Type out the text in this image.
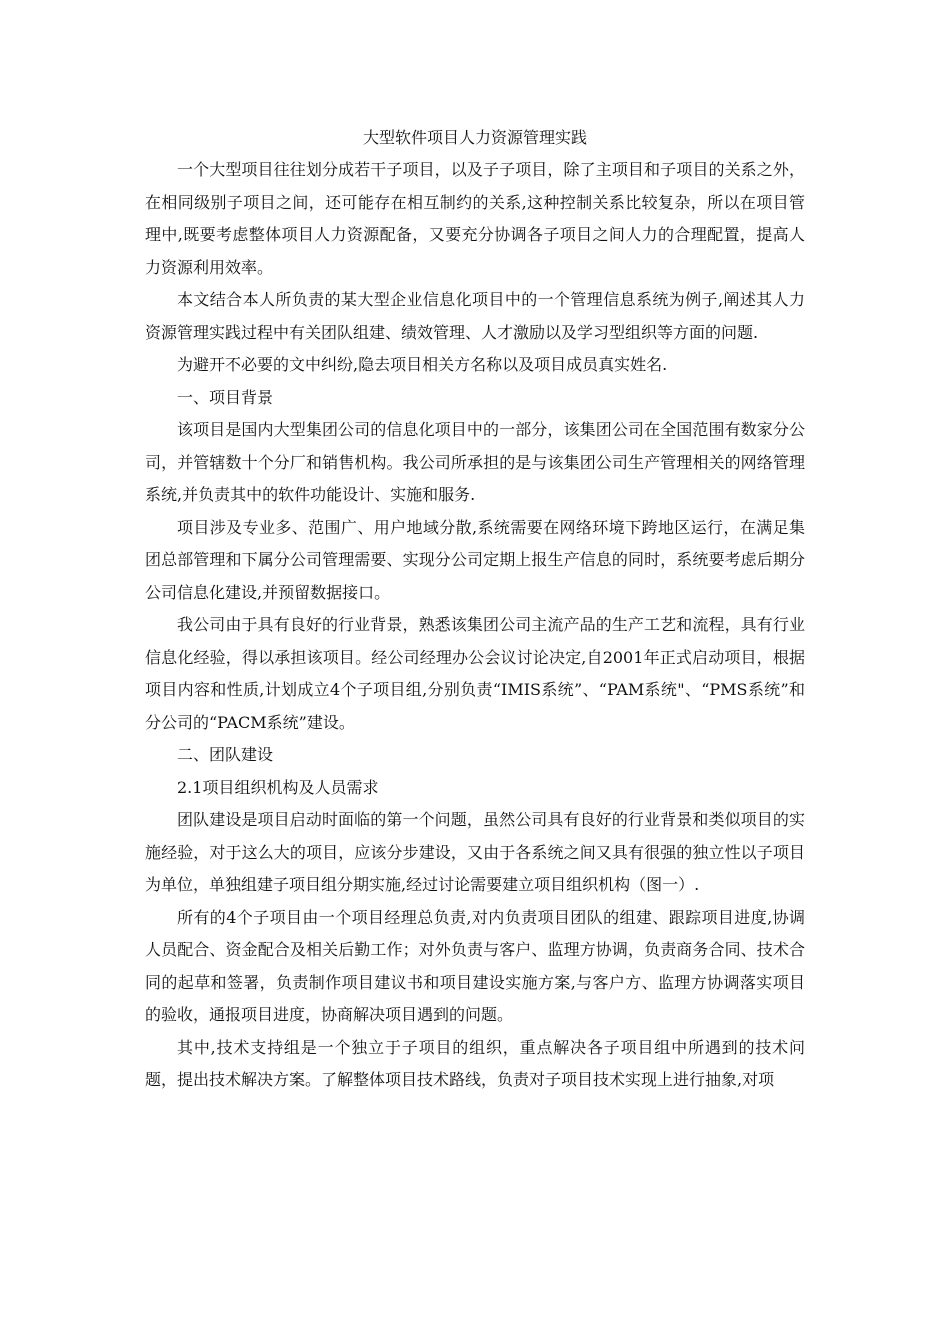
大型软件项目人力资源管理实践

一个大型项目往往划分成若干子项目，以及子子项目，除了主项目和子项目的关系之外，在相同级别子项目之间，还可能存在相互制约的关系,这种控制关系比较复杂，所以在项目管理中,既要考虑整体项目人力资源配备，又要充分协调各子项目之间人力的合理配置，提高人力资源利用效率。

本文结合本人所负责的某大型企业信息化项目中的一个管理信息系统为例子,阐述其人力资源管理实践过程中有关团队组建、绩效管理、人才激励以及学习型组织等方面的问题.

为避开不必要的文中纠纷,隐去项目相关方名称以及项目成员真实姓名.

一、项目背景

该项目是国内大型集团公司的信息化项目中的一部分，该集团公司在全国范围有数家分公司，并管辖数十个分厂和销售机构。我公司所承担的是与该集团公司生产管理相关的网络管理系统,并负责其中的软件功能设计、实施和服务.

项目涉及专业多、范围广、用户地域分散,系统需要在网络环境下跨地区运行，在满足集团总部管理和下属分公司管理需要、实现分公司定期上报生产信息的同时，系统要考虑后期分公司信息化建设,并预留数据接口。

我公司由于具有良好的行业背景，熟悉该集团公司主流产品的生产工艺和流程，具有行业信息化经验，得以承担该项目。经公司经理办公会议讨论决定,自2001年正式启动项目，根据项目内容和性质,计划成立4个子项目组,分别负责“IMIS系统”、“PAM系统"、“PMS系统”和分公司的“PACM系统”建设。

二、团队建设

2.1项目组织机构及人员需求

团队建设是项目启动时面临的第一个问题，虽然公司具有良好的行业背景和类似项目的实施经验，对于这么大的项目，应该分步建设，又由于各系统之间又具有很强的独立性以子项目为单位，单独组建子项目组分期实施,经过讨论需要建立项目组织机构（图一）.

所有的4个子项目由一个项目经理总负责,对内负责项目团队的组建、跟踪项目进度,协调人员配合、资金配合及相关后勤工作；对外负责与客户、监理方协调，负责商务合同、技术合同的起草和签署，负责制作项目建议书和项目建设实施方案,与客户方、监理方协调落实项目的验收，通报项目进度，协商解决项目遇到的问题。

其中,技术支持组是一个独立于子项目的组织，重点解决各子项目组中所遇到的技术问题，提出技术解决方案。了解整体项目技术路线，负责对子项目技术实现上进行抽象,对项
